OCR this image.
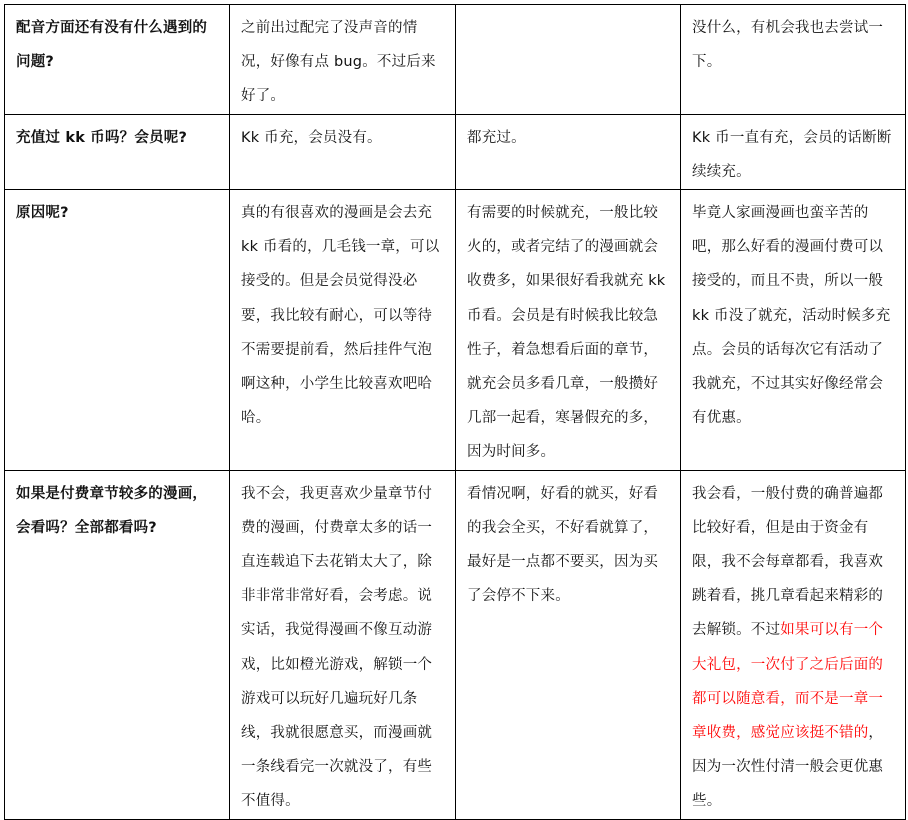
配音方面还有没有什么遇到的问题?	之前出过配完了没声音的情况，好像有点 bug。不过后来好了。		没什么，有机会我也去尝试一下。
充值过 kk 币吗？会员呢?	Kk 币充，会员没有。	都充过。	Kk 币一直有充，会员的话断断续续充。
原因呢?	真的有很喜欢的漫画是会去充 kk 币看的，几毛钱一章，可以接受的。但是会员觉得没必要，我比较有耐心，可以等待不需要提前看，然后挂件气泡啊这种，小学生比较喜欢吧哈哈。	有需要的时候就充，一般比较火的，或者完结了的漫画就会收费多，如果很好看我就充 kk 币看。会员是有时候我比较急性子，着急想看后面的章节，就充会员多看几章，一般攒好几部一起看，寒暑假充的多，因为时间多。	毕竟人家画漫画也蛮辛苦的吧，那么好看的漫画付费可以接受的，而且不贵，所以一般 kk 币没了就充，活动时候多充点。会员的话每次它有活动了我就充，不过其实好像经常会有优惠。
如果是付费章节较多的漫画，会看吗？全部都看吗?	我不会，我更喜欢少量章节付费的漫画，付费章太多的话一直连载追下去花销太大了，除非非常非常好看，会考虑。说实话，我觉得漫画不像互动游戏，比如橙光游戏，解锁一个游戏可以玩好几遍玩好几条线，我就很愿意买，而漫画就一条线看完一次就没了，有些不值得。	看情况啊，好看的就买，好看的我会全买，不好看就算了，最好是一点都不要买，因为买了会停不下来。	我会看，一般付费的确普遍都比较好看，但是由于资金有限，我不会每章都看，我喜欢跳着看，挑几章看起来精彩的去解锁。不过如果可以有一个大礼包，一次付了之后后面的都可以随意看，而不是一章一章收费，感觉应该挺不错的，因为一次性付清一般会更优惠些。
